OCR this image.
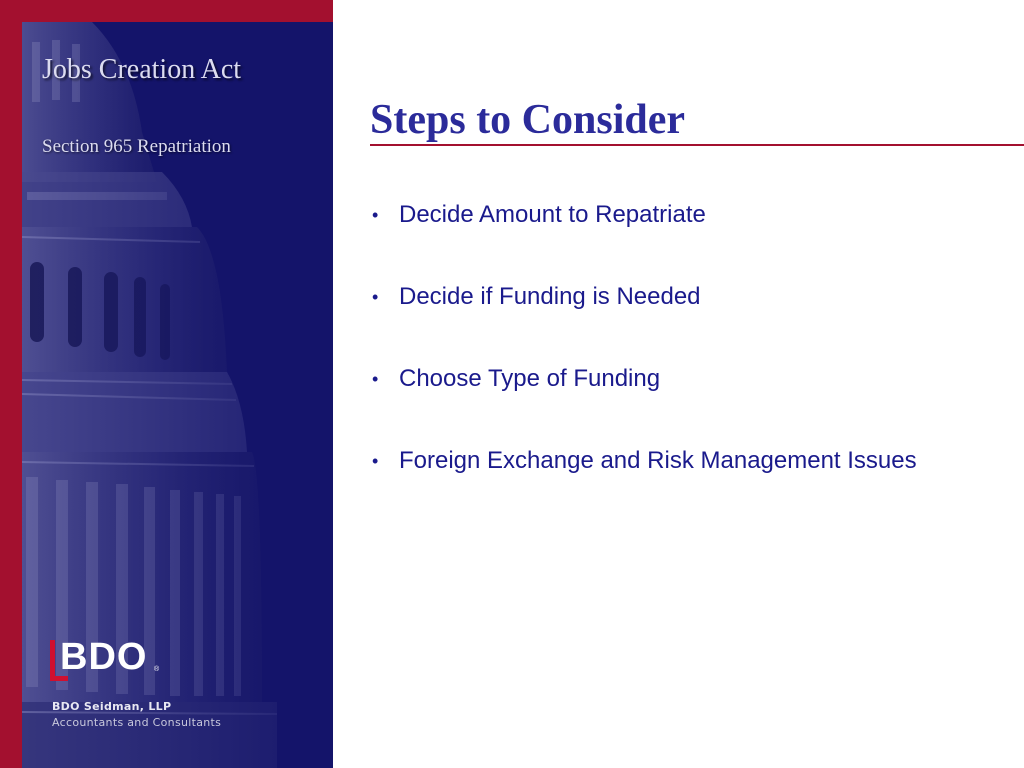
Jobs Creation Act
Section 965 Repatriation
BDO ®
BDO Seidman, LLP
Accountants and Consultants
Steps to Consider
• Decide Amount to Repatriate
• Decide if Funding is Needed
• Choose Type of Funding
• Foreign Exchange and Risk Management Issues
